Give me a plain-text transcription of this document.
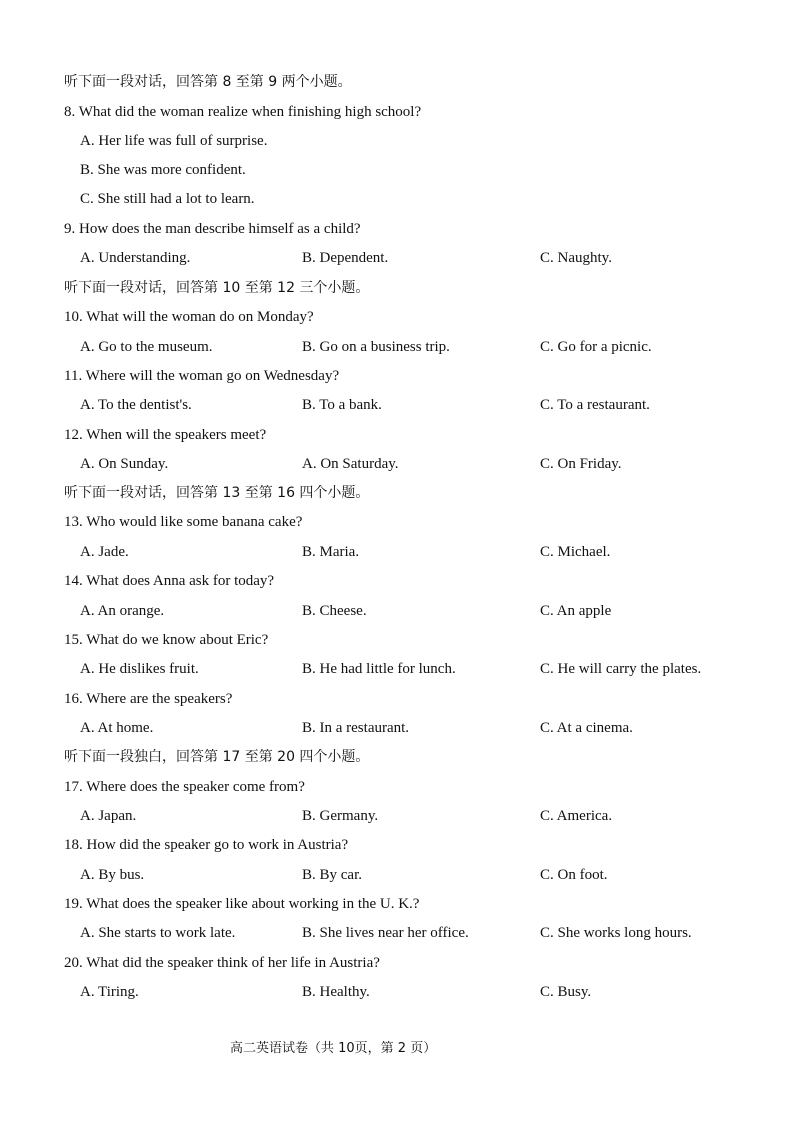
听下面一段对话，回答第 8 至第 9 两个小题。
8. What did the woman realize when finishing high school?
A. Her life was full of surprise.
B. She was more confident.
C. She still had a lot to learn.
9. How does the man describe himself as a child?
A. Understanding.	B. Dependent.	C. Naughty.
听下面一段对话，回答第 10 至第 12 三个小题。
10. What will the woman do on Monday?
A. Go to the museum.	B. Go on a business trip.	C. Go for a picnic.
11. Where will the woman go on Wednesday?
A. To the dentist's.	B. To a bank.	C. To a restaurant.
12. When will the speakers meet?
A. On Sunday.	A. On Saturday.	C. On Friday.
听下面一段对话，回答第 13 至第 16 四个小题。
13. Who would like some banana cake?
A. Jade.	B. Maria.	C. Michael.
14. What does Anna ask for today?
A. An orange.	B. Cheese.	C. An apple
15. What do we know about Eric?
A. He dislikes fruit.	B. He had little for lunch.	C. He will carry the plates.
16. Where are the speakers?
A. At home.	B. In a restaurant.	C. At a cinema.
听下面一段独白，回答第 17 至第 20 四个小题。
17. Where does the speaker come from?
A. Japan.	B. Germany.	C. America.
18. How did the speaker go to work in Austria?
A. By bus.	B. By car.	C. On foot.
19. What does the speaker like about working in the U. K.?
A. She starts to work late.	B. She lives near her office.	C. She works long hours.
20. What did the speaker think of her life in Austria?
A. Tiring.	B. Healthy.	C. Busy.
高二英语试卷（共 10页，第 2 页）
